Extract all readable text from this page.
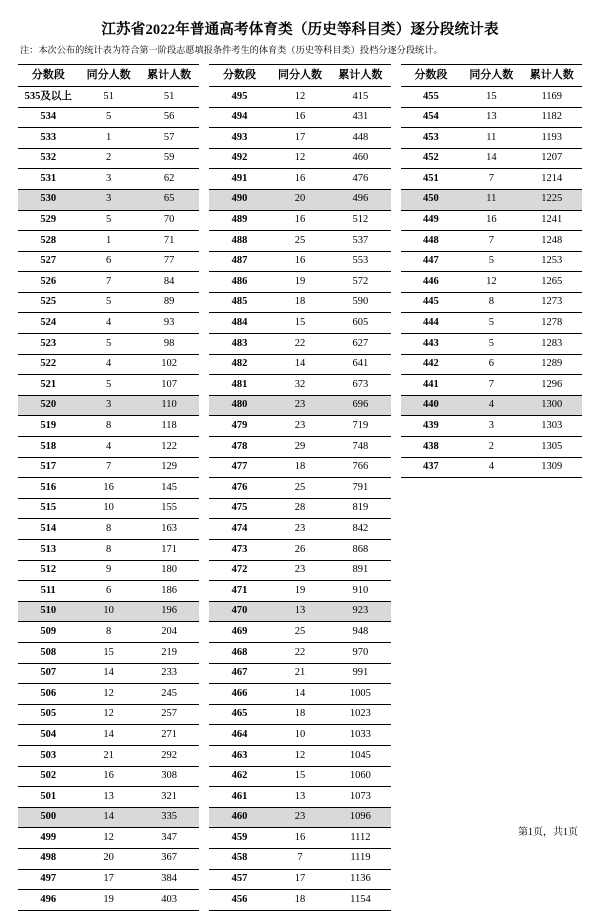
江苏省2022年普通高考体育类（历史等科目类）逐分段统计表
注：本次公布的统计表为符合第一阶段志愿填报条件考生的体育类（历史等科目类）投档分逐分段统计。
分数段	同分人数	累计人数
535及以上	51	51
534	5	56
533	1	57
532	2	59
531	3	62
530	3	65
529	5	70
528	1	71
527	6	77
526	7	84
525	5	89
524	4	93
523	5	98
522	4	102
521	5	107
520	3	110
519	8	118
518	4	122
517	7	129
516	16	145
515	10	155
514	8	163
513	8	171
512	9	180
511	6	186
510	10	196
509	8	204
508	15	219
507	14	233
506	12	245
505	12	257
504	14	271
503	21	292
502	16	308
501	13	321
500	14	335
499	12	347
498	20	367
497	17	384
496	19	403
分数段	同分人数	累计人数
495	12	415
494	16	431
493	17	448
492	12	460
491	16	476
490	20	496
489	16	512
488	25	537
487	16	553
486	19	572
485	18	590
484	15	605
483	22	627
482	14	641
481	32	673
480	23	696
479	23	719
478	29	748
477	18	766
476	25	791
475	28	819
474	23	842
473	26	868
472	23	891
471	19	910
470	13	923
469	25	948
468	22	970
467	21	991
466	14	1005
465	18	1023
464	10	1033
463	12	1045
462	15	1060
461	13	1073
460	23	1096
459	16	1112
458	7	1119
457	17	1136
456	18	1154
分数段	同分人数	累计人数
455	15	1169
454	13	1182
453	11	1193
452	14	1207
451	7	1214
450	11	1225
449	16	1241
448	7	1248
447	5	1253
446	12	1265
445	8	1273
444	5	1278
443	5	1283
442	6	1289
441	7	1296
440	4	1300
439	3	1303
438	2	1305
437	4	1309
第1页，共1页
